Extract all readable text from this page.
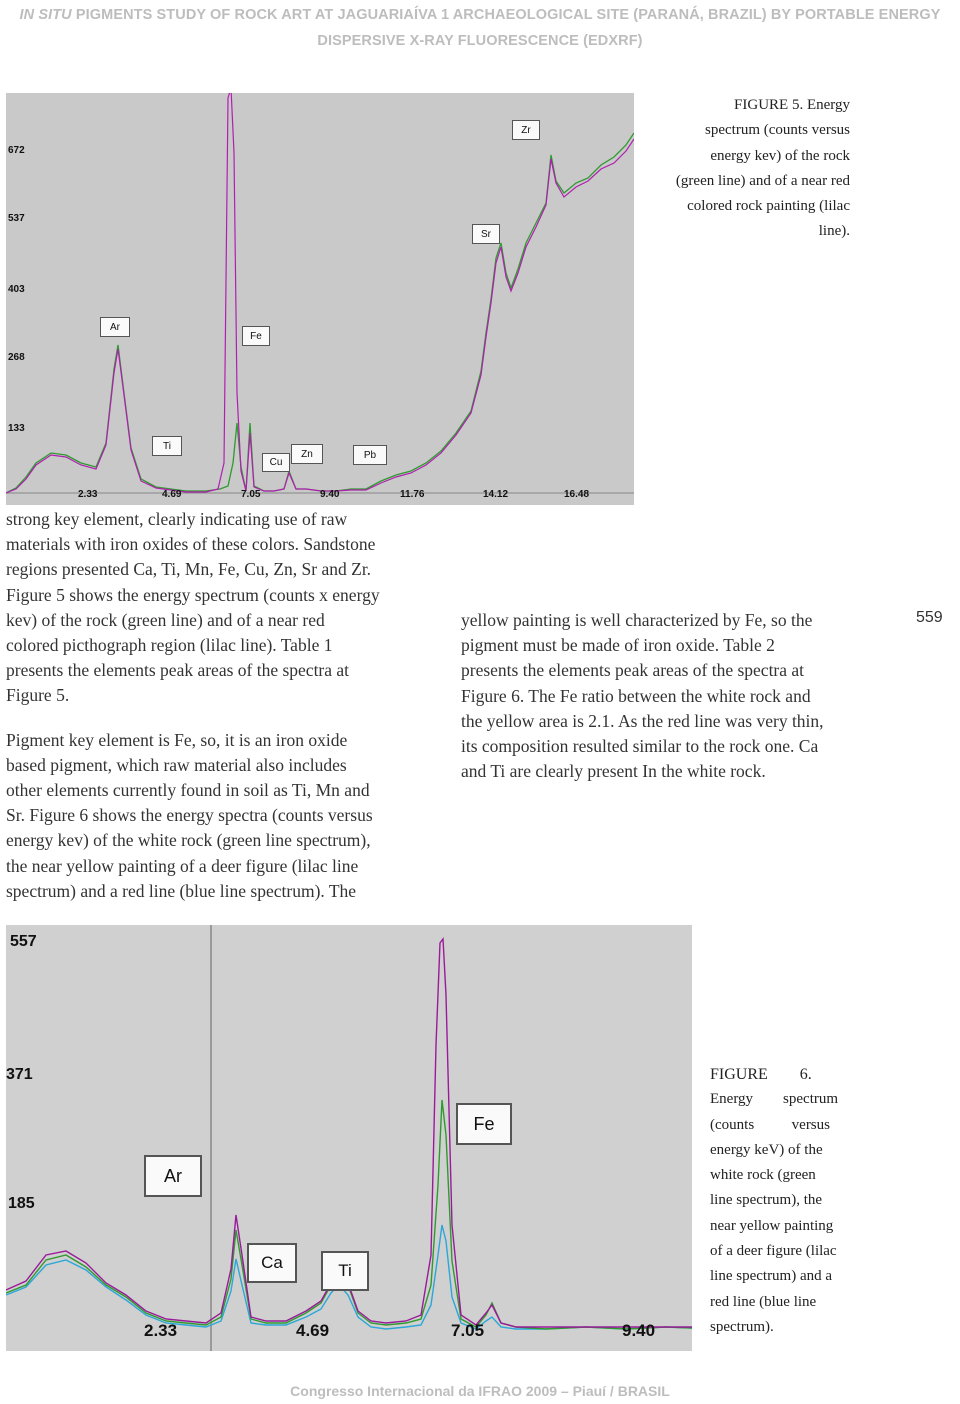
IN SITU PIGMENTS STUDY OF ROCK ART AT JAGUARIAÍVA 1 ARCHAEOLOGICAL SITE (PARANÁ, BRAZIL) BY PORTABLE ENERGY
DISPERSIVE X-RAY FLUORESCENCE (EDXRF)
672
537
403
268
133
2.33	4.69	7.05	9.40	11.76	14.12	16.48
Zr
Sr
Ar
Fe
Ti
Cu
Zn	Pb
FIGURE 5. Energy
spectrum (counts versus
energy kev) of the rock
(green line) and of a near red
colored rock painting (lilac
line).
strong key element, clearly indicating use of raw
materials with iron oxides of these colors. Sandstone
regions presented Ca, Ti, Mn, Fe, Cu, Zn, Sr and Zr.
Figure 5 shows the energy spectrum (counts x energy
kev) of the rock (green line) and of a near red
colored picthograph region (lilac line). Table 1
presents the elements peak areas of the spectra at
Figure 5.
Pigment key element is Fe, so, it is an iron oxide
based pigment, which raw material also includes
other elements currently found in soil as Ti, Mn and
Sr. Figure 6 shows the energy spectra (counts versus
energy kev) of the white rock (green line spectrum),
the near yellow painting of a deer figure (lilac line
spectrum) and a red line (blue line spectrum). The
yellow painting is well characterized by Fe, so the
pigment must be made of iron oxide. Table 2
presents the elements peak areas of the spectra at
Figure 6. The Fe ratio between the white rock and
the yellow area is 2.1. As the red line was very thin,
its composition resulted similar to the rock one. Ca
and Ti are clearly present In the white rock.
559
557
371
185
2.33	4.69	7.05	9.40
Fe
Ar
Ca	Ti
FIGURE        6.
Energy        spectrum
(counts          versus
energy keV) of the
white rock (green
line spectrum), the
near yellow painting
of a deer figure (lilac
line spectrum) and a
red line (blue line
spectrum).
Congresso Internacional da IFRAO 2009 – Piauí / BRASIL
